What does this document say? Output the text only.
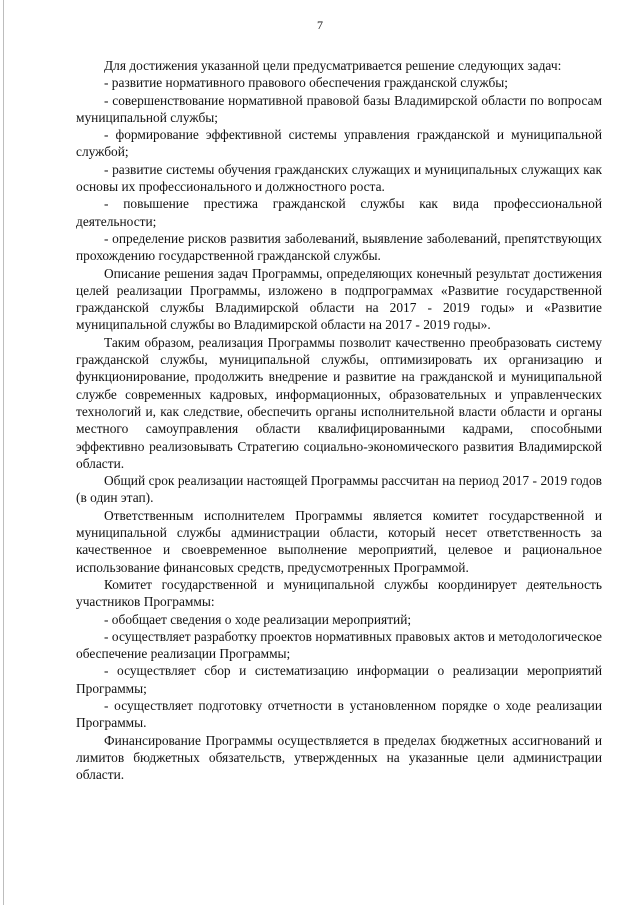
7

Для достижения указанной цели предусматривается решение следующих задач:

- развитие нормативного правового обеспечения гражданской службы;

- совершенствование нормативной правовой базы Владимирской области по вопросам муниципальной службы;

- формирование эффективной системы управления гражданской и муниципальной службой;

- развитие системы обучения гражданских служащих и муниципальных служащих как основы их профессионального и должностного роста.

- повышение престижа гражданской службы как вида профессиональной деятельности;

- определение рисков развития заболеваний, выявление заболеваний, препятствующих прохождению государственной гражданской службы.

Описание решения задач Программы, определяющих конечный результат достижения целей реализации Программы, изложено в подпрограммах «Развитие государственной гражданской службы Владимирской области на 2017 - 2019 годы» и «Развитие муниципальной службы во Владимирской области на 2017 - 2019 годы».

Таким образом, реализация Программы позволит качественно преобразовать систему гражданской службы, муниципальной службы, оптимизировать их организацию и функционирование, продолжить внедрение и развитие на гражданской и муниципальной службе современных кадровых, информационных, образовательных и управленческих технологий и, как следствие, обеспечить органы исполнительной власти области и органы местного самоуправления области квалифицированными кадрами, способными эффективно реализовывать Стратегию социально-экономического развития Владимирской области.

Общий срок реализации настоящей Программы рассчитан на период 2017 - 2019 годов (в один этап).

Ответственным исполнителем Программы является комитет государственной и муниципальной службы администрации области, который несет ответственность за качественное и своевременное выполнение мероприятий, целевое и рациональное использование финансовых средств, предусмотренных Программой.

Комитет государственной и муниципальной службы координирует деятельность участников Программы:

- обобщает сведения о ходе реализации мероприятий;

- осуществляет разработку проектов нормативных правовых актов и методологическое обеспечение реализации Программы;

- осуществляет сбор и систематизацию информации о реализации мероприятий Программы;

- осуществляет подготовку отчетности в установленном порядке о ходе реализации Программы.

Финансирование Программы осуществляется в пределах бюджетных ассигнований и лимитов бюджетных обязательств, утвержденных на указанные цели администрации области.
